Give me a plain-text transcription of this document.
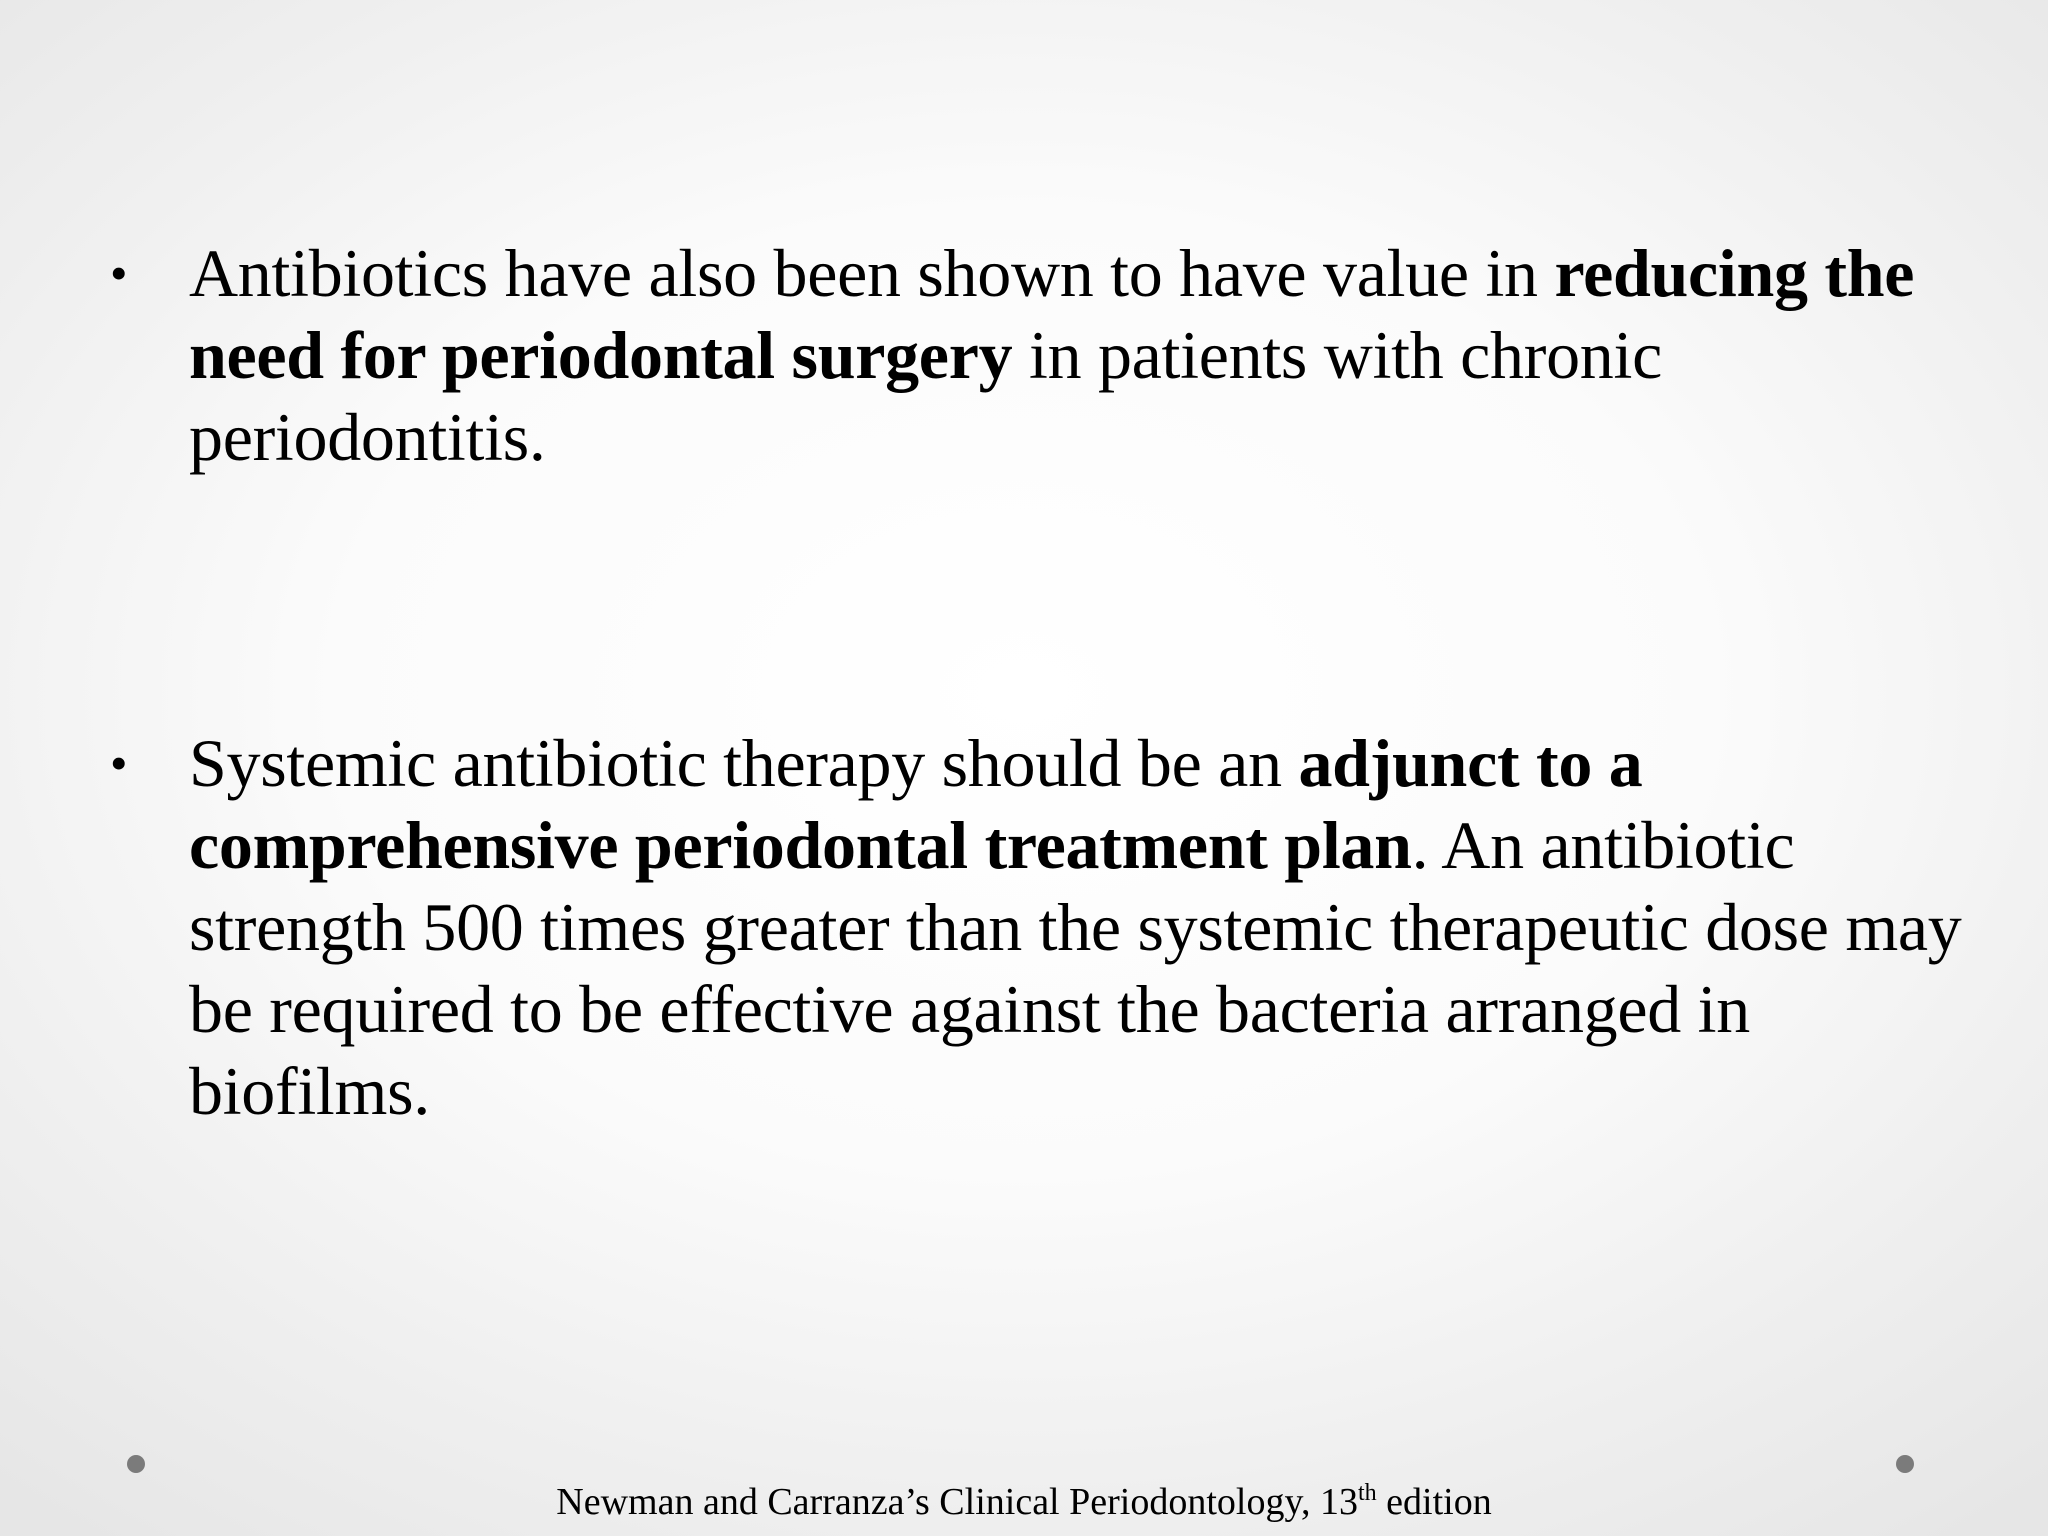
• Antibiotics have also been shown to have value in reducing the need for periodontal surgery in patients with chronic periodontitis.
• Systemic antibiotic therapy should be an adjunct to a comprehensive periodontal treatment plan. An antibiotic strength 500 times greater than the systemic therapeutic dose may be required to be effective against the bacteria arranged in biofilms.
Newman and Carranza’s Clinical Periodontology, 13th edition
